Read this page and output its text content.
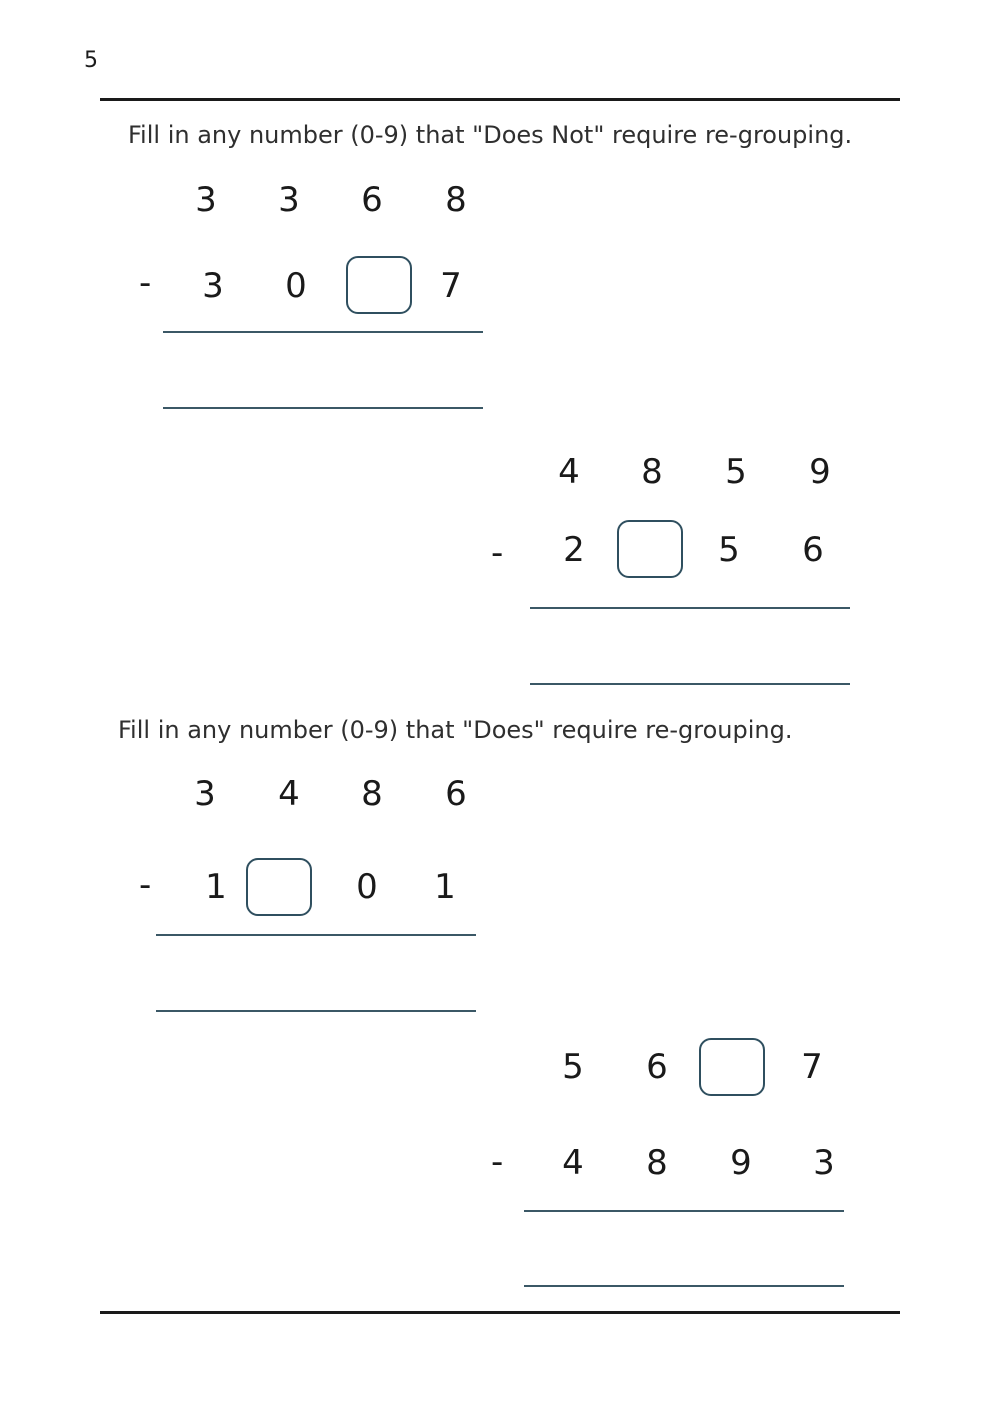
5
Fill in any number (0-9) that "Does Not" require re-grouping.
3 3 6 8
- 3 0	7
4 8 5 9
- 2	5 6
Fill in any number (0-9) that "Does" require re-grouping.
3 4 8 6
- 1	0 1
5 6	7
- 4 8 9 3
